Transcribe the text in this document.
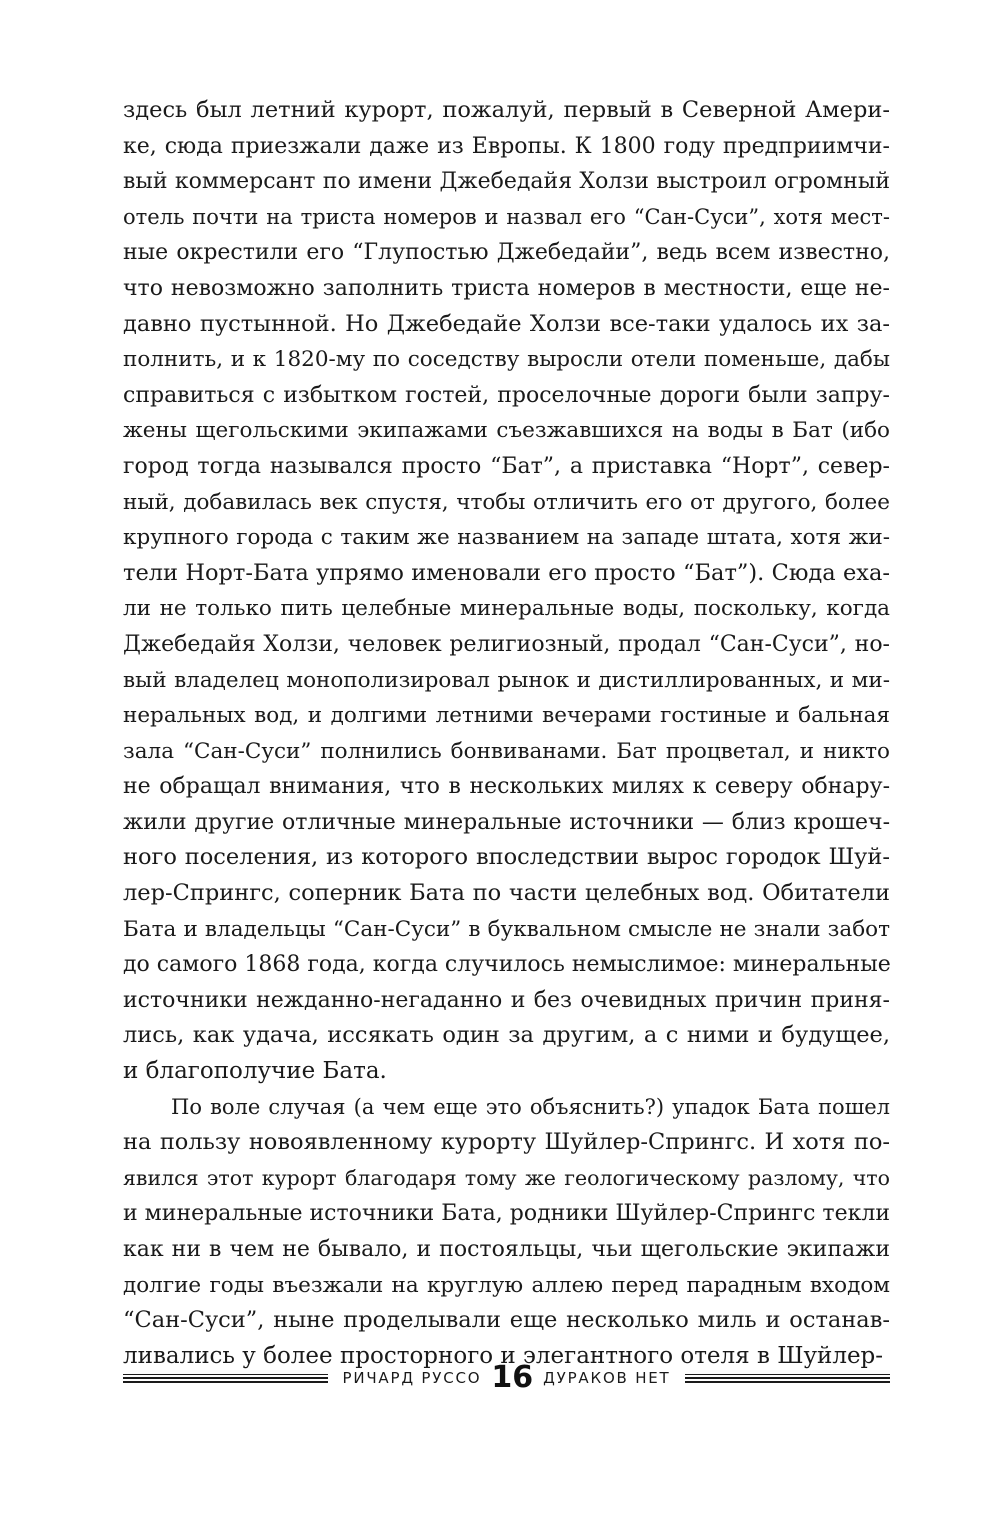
здесь был летний курорт, пожалуй, первый в Северной Амери-
ке, сюда приезжали даже из Европы. К 1800 году предприимчи-
вый коммерсант по имени Джебедайя Холзи выстроил огромный
отель почти на триста номеров и назвал его “Сан-Суси”, хотя мест-
ные окрестили его “Глупостью Джебедайи”, ведь всем известно,
что невозможно заполнить триста номеров в местности, еще не-
давно пустынной. Но Джебедайе Холзи все-таки удалось их за-
полнить, и к 1820-му по соседству выросли отели поменьше, дабы
справиться с избытком гостей, проселочные дороги были запру-
жены щегольскими экипажами съезжавшихся на воды в Бат (ибо
город тогда назывался просто “Бат”, а приставка “Норт”, север-
ный, добавилась век спустя, чтобы отличить его от другого, более
крупного города с таким же названием на западе штата, хотя жи-
тели Норт-Бата упрямо именовали его просто “Бат”). Сюда еха-
ли не только пить целебные минеральные воды, поскольку, когда
Джебедайя Холзи, человек религиозный, продал “Сан-Суси”, но-
вый владелец монополизировал рынок и дистиллированных, и ми-
неральных вод, и долгими летними вечерами гостиные и бальная
зала “Сан-Суси” полнились бонвиванами. Бат процветал, и никто
не обращал внимания, что в нескольких милях к северу обнару-
жили другие отличные минеральные источники — близ крошеч-
ного поселения, из которого впоследствии вырос городок Шуй-
лер-Спрингс, соперник Бата по части целебных вод. Обитатели
Бата и владельцы “Сан-Суси” в буквальном смысле не знали забот
до самого 1868 года, когда случилось немыслимое: минеральные
источники нежданно-негаданно и без очевидных причин приня-
лись, как удача, иссякать один за другим, а с ними и будущее,
и благополучие Бата.
По воле случая (а чем еще это объяснить?) упадок Бата пошел
на пользу новоявленному курорту Шуйлер-Спрингс. И хотя по-
явился этот курорт благодаря тому же геологическому разлому, что
и минеральные источники Бата, родники Шуйлер-Спрингс текли
как ни в чем не бывало, и постояльцы, чьи щегольские экипажи
долгие годы въезжали на круглую аллею перед парадным входом
“Сан-Суси”, ныне проделывали еще несколько миль и останав-
ливались у более просторного и элегантного отеля в Шуйлер-
РИЧАРД РУССО 16 ДУРАКОВ НЕТ
